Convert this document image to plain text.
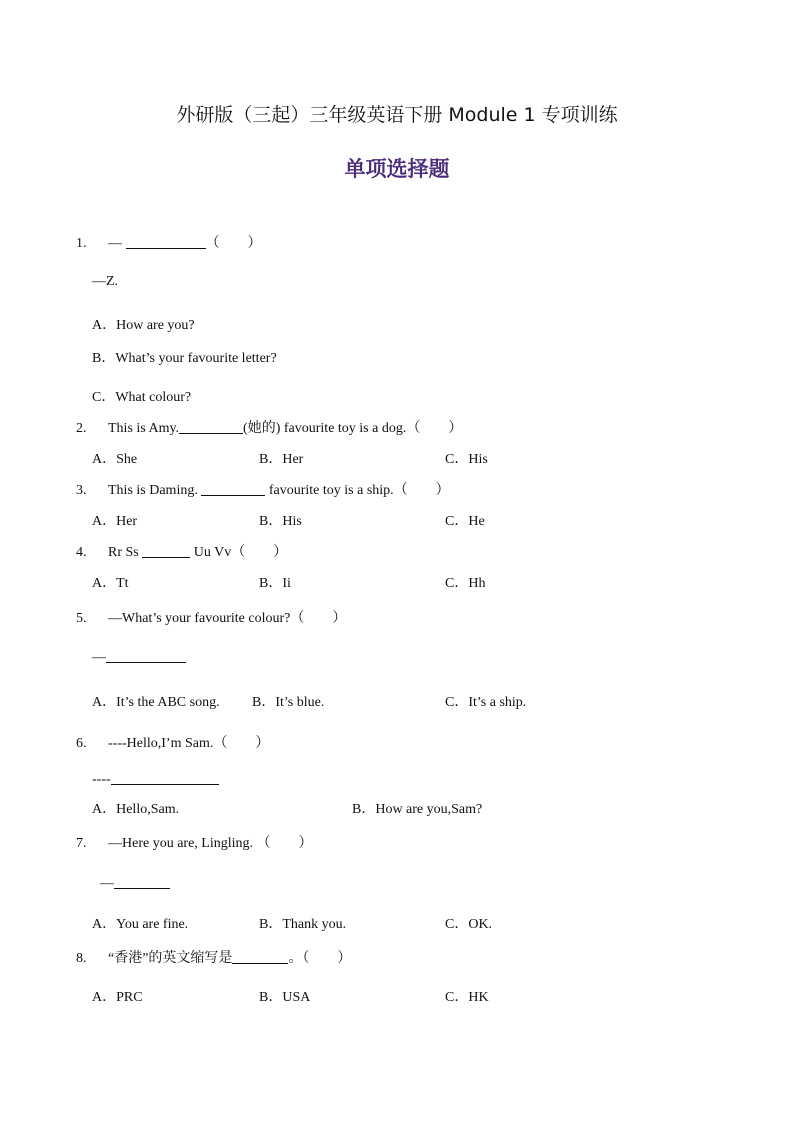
外研版（三起）三年级英语下册 Module 1 专项训练
单项选择题
1. —	（　　）
—Z.
A．How are you?
B．What’s your favourite letter?
C．What colour?
2. This is Amy.	(她的) favourite toy is a dog.（　　）
A．She	B．Her	C．His
3. This is Daming.	favourite toy is a ship.（　　）
A．Her	B．His	C．He
4. Rr Ss	Uu Vv（　　）
A．Tt	B．Ii	C．Hh
5. —What’s your favourite colour?（　　）
—
A．It’s the ABC song. B．It’s blue.	C．It’s a ship.
6. ----Hello,I’m Sam.（　　）
----
A．Hello,Sam.	B．How are you,Sam?
7. —Here you are, Lingling. （　　）
—
A．You are fine.	B．Thank you.	C．OK.
8. “香港”的英文缩写是	。（　　）
A．PRC	B．USA	C．HK
